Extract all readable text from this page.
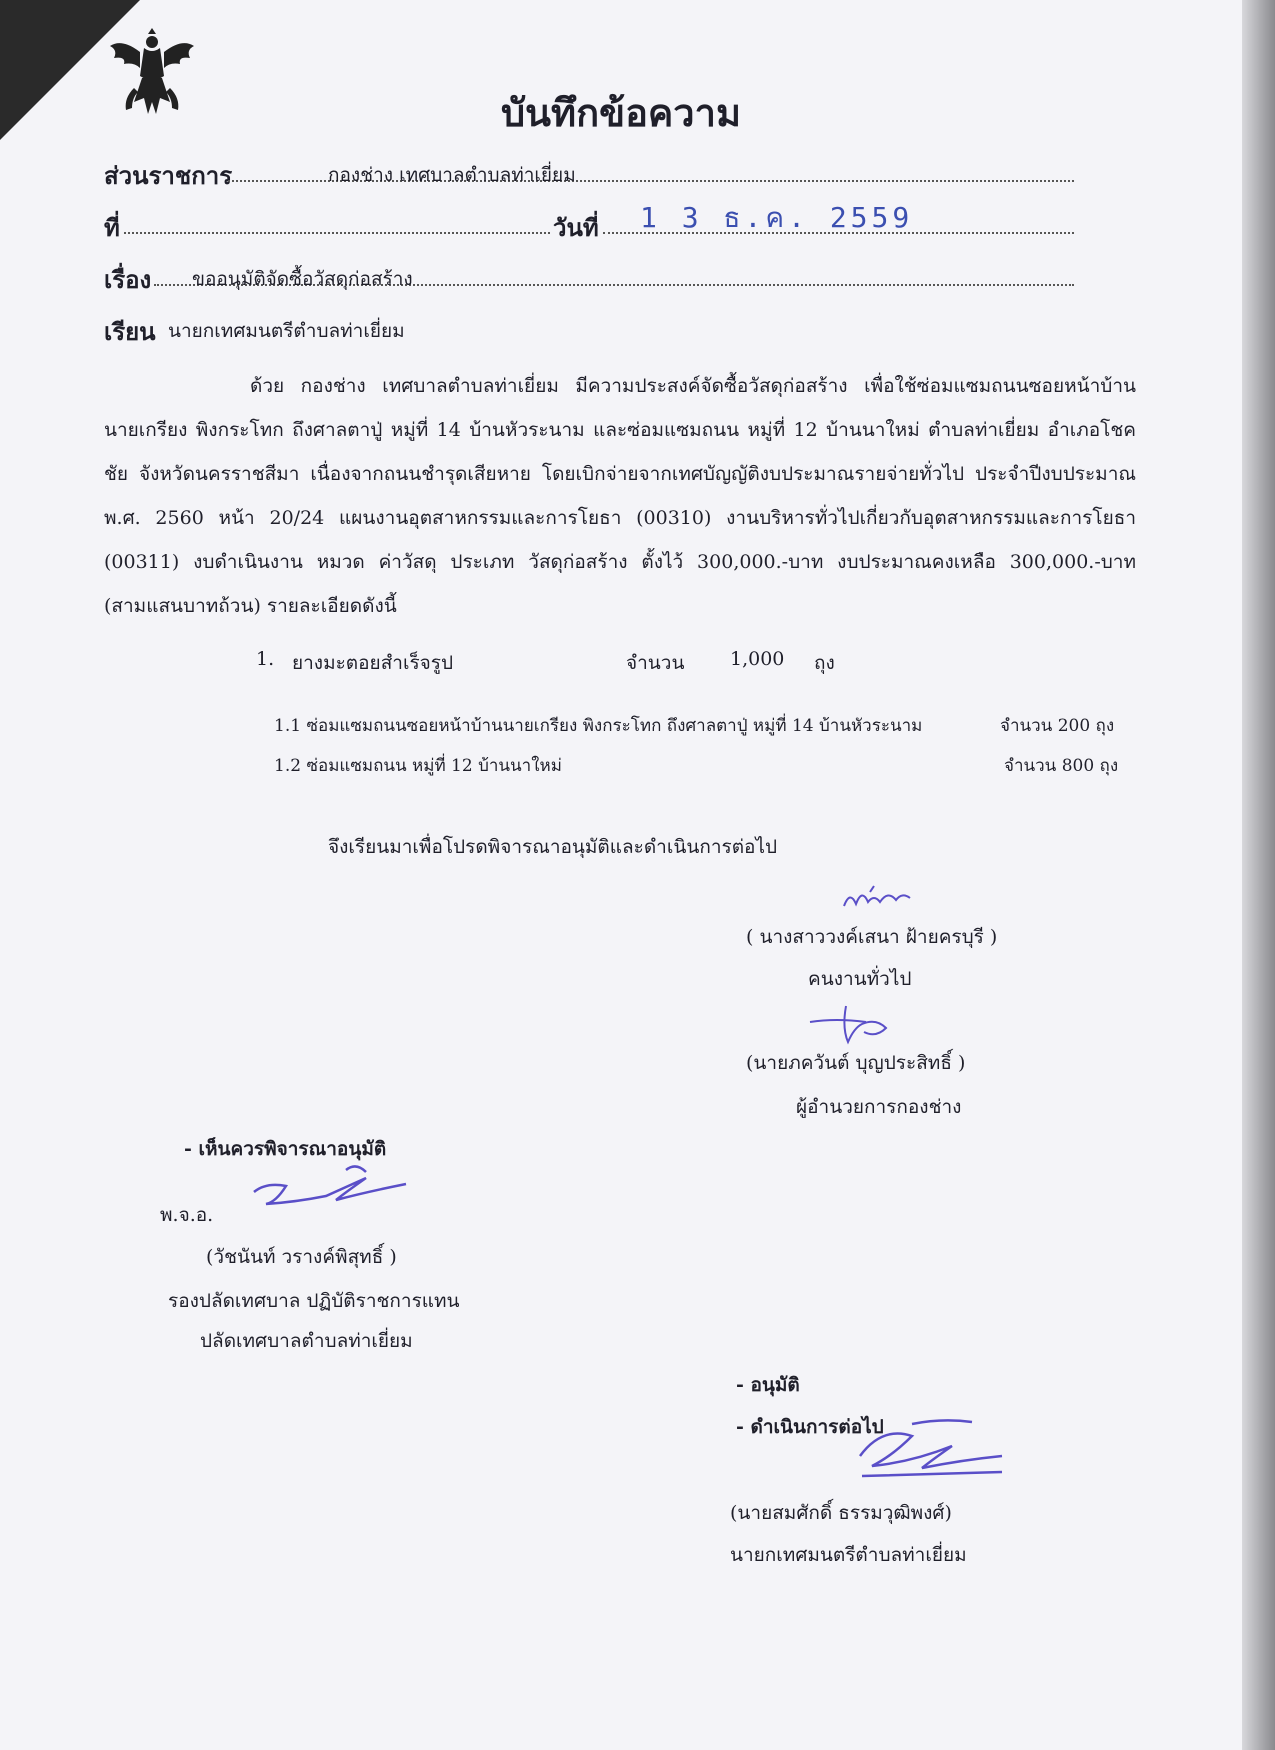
บันทึกข้อความ
ส่วนราชการ	กองช่าง เทศบาลตำบลท่าเยี่ยม
ที่	วันที่ 1 3 ธ.ค. 2559
เรื่อง ขออนุมัติจัดซื้อวัสดุก่อสร้าง
เรียน นายกเทศมนตรีตำบลท่าเยี่ยม
ด้วย กองช่าง เทศบาลตำบลท่าเยี่ยม มีความประสงค์จัดซื้อวัสดุก่อสร้าง เพื่อใช้ซ่อมแซมถนนซอยหน้าบ้าน
นายเกรียง พิงกระโทก ถึงศาลตาปู่ หมู่ที่ 14 บ้านหัวระนาม และซ่อมแซมถนน หมู่ที่ 12 บ้านนาใหม่ ตำบลท่าเยี่ยม อำเภอโชค
ชัย จังหวัดนครราชสีมา เนื่องจากถนนชำรุดเสียหาย โดยเบิกจ่ายจากเทศบัญญัติงบประมาณรายจ่ายทั่วไป ประจำปีงบประมาณ
พ.ศ. 2560 หน้า 20/24 แผนงานอุตสาหกรรมและการโยธา (00310) งานบริหารทั่วไปเกี่ยวกับอุตสาหกรรมและการโยธา
(00311) งบดำเนินงาน หมวด ค่าวัสดุ ประเภท วัสดุก่อสร้าง ตั้งไว้ 300,000.-บาท งบประมาณคงเหลือ 300,000.-บาท
(สามแสนบาทถ้วน) รายละเอียดดังนี้
1. ยางมะตอยสำเร็จรูป	จำนวน 1,000 ถุง
1.1 ซ่อมแซมถนนซอยหน้าบ้านนายเกรียง พิงกระโทก ถึงศาลตาปู่ หมู่ที่ 14 บ้านหัวระนาม	จำนวน 200 ถุง
1.2 ซ่อมแซมถนน หมู่ที่ 12 บ้านนาใหม่	จำนวน 800 ถุง
จึงเรียนมาเพื่อโปรดพิจารณาอนุมัติและดำเนินการต่อไป
( นางสาววงค์เสนา ฝ้ายครบุรี )
คนงานทั่วไป
(นายภควันต์ บุญประสิทธิ์ )
ผู้อำนวยการกองช่าง
- เห็นควรพิจารณาอนุมัติ
พ.จ.อ.
(วัชนันท์ วรางค์พิสุทธิ์ )
รองปลัดเทศบาล ปฏิบัติราชการแทน
ปลัดเทศบาลตำบลท่าเยี่ยม
- อนุมัติ
- ดำเนินการต่อไป
(นายสมศักดิ์ ธรรมวุฒิพงศ์)
นายกเทศมนตรีตำบลท่าเยี่ยม
